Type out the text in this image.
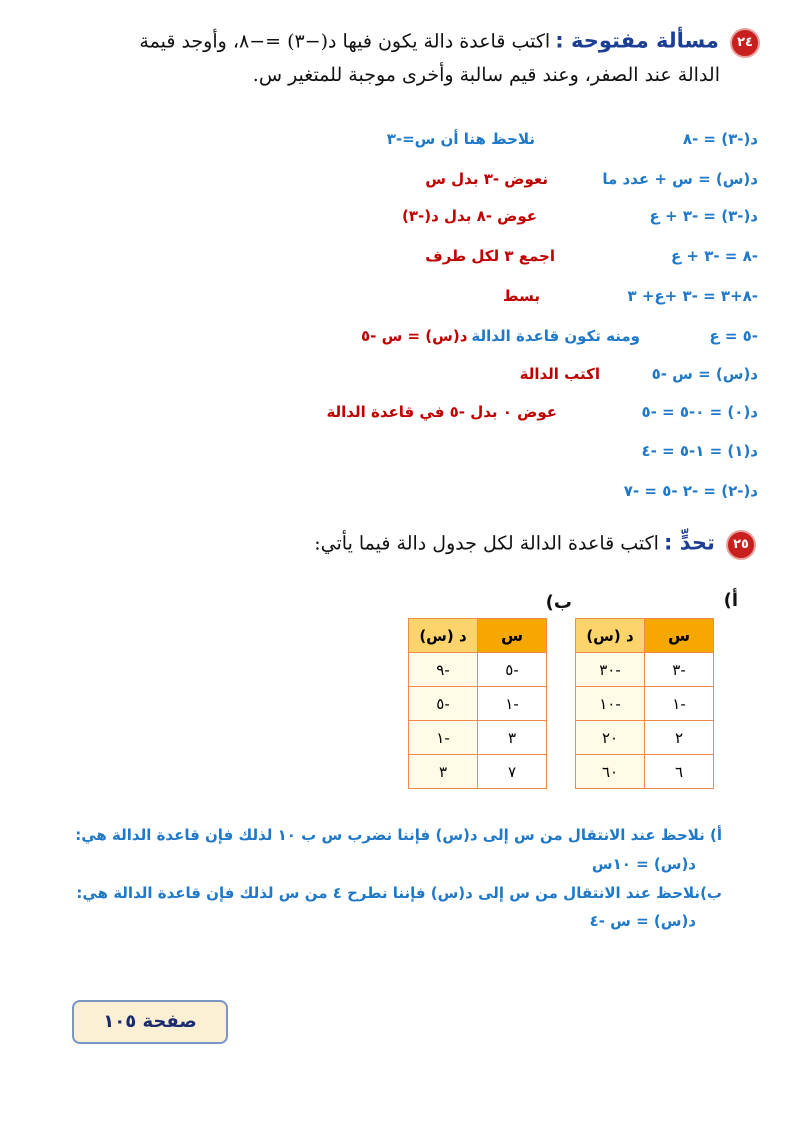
٢٤ مسألة مفتوحة : اكتب قاعدة دالة يكون فيها د(−٣) =−٨، وأوجد قيمة
الدالة عند الصفر، وعند قيم سالبة وأخرى موجبة للمتغير س.
د(-٣) = -٨
نلاحظ هنا أن س=-٣
د(س) = س + عدد ما
نعوض -٣ بدل س
د(-٣) = -٣ + ع
عوض -٨ بدل د(-٣)
-٨ = -٣ + ع
اجمع ٣ لكل طرف
-٨+٣ = -٣ +ع+ ٣
بسط
-٥ = ع
ومنه تكون قاعدة الدالةد(س) = س -٥
د(س) = س -٥
اكتب الدالة
د(٠) = ٠-٥ = -٥
عوض ٠ بدل -٥ في قاعدة الدالة
د(١) = ١-٥ = -٤
د(-٢) = -٢ -٥ = -٧
٢٥ تحدٍّ : اكتب قاعدة الدالة لكل جدول دالة فيما يأتي:
أ)
ب)
س	د (س)
-٣	-٣٠
-١	-١٠
٢	٢٠
٦	٦٠
س	د (س)
-٥	-٩
-١	-٥
٣	-١
٧	٣
أ) نلاحظ عند الانتقال من س إلى د(س) فإننا نضرب س ب ١٠ لذلك فإن قاعدة الدالة هي:
د(س) = ١٠س
ب)نلاحظ عند الانتقال من س إلى د(س) فإننا نطرح ٤ من س لذلك فإن قاعدة الدالة هي:
د(س) = س -٤
صفحة ١٠٥
